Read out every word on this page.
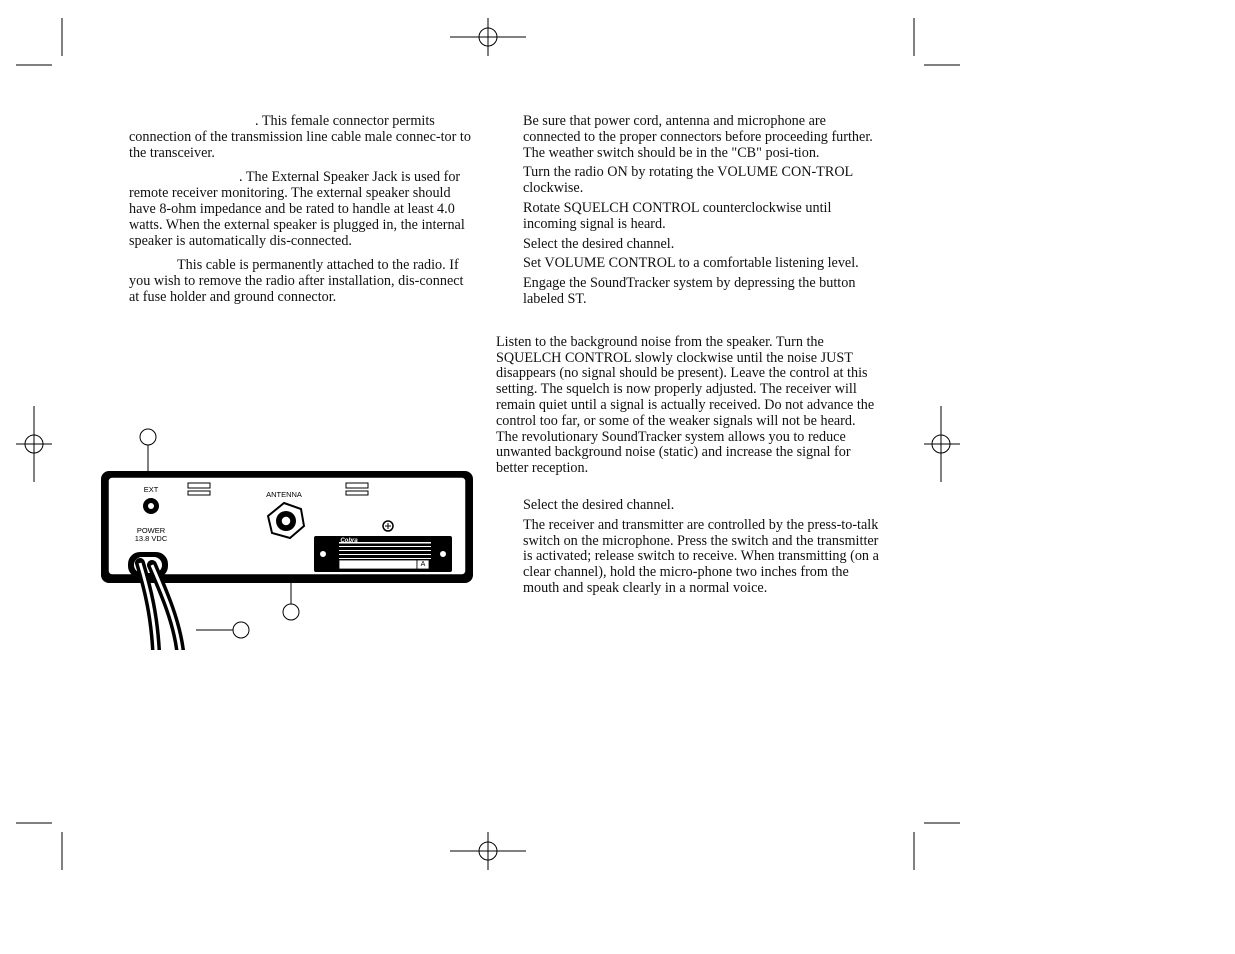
. This female connector permits connection of the transmission line cable male connec-tor to the transceiver.

. The External Speaker Jack is used for remote receiver monitoring. The external speaker should have 8-ohm impedance and be rated to handle at least 4.0 watts. When the external speaker is plugged in, the internal speaker is automatically dis-connected.

This cable is permanently attached to the radio. If you wish to remove the radio after installation, dis-connect at fuse holder and ground connector.

Be sure that power cord, antenna and microphone are connected to the proper connectors before proceeding further. The weather switch should be in the "CB" posi-tion.

Turn the radio ON by rotating the VOLUME CON-TROL clockwise.

Rotate SQUELCH CONTROL counterclockwise until incoming signal is heard.

Select the desired channel.

Set VOLUME CONTROL to a comfortable listening level.

Engage the SoundTracker system by depressing the button labeled ST.

Listen to the background noise from the speaker. Turn the SQUELCH CONTROL slowly clockwise until the noise JUST disappears (no signal should be present). Leave the control at this setting. The squelch is now properly adjusted. The receiver will remain quiet until a signal is actually received. Do not advance the control too far, or some of the weaker signals will not be heard. The revolutionary SoundTracker system allows you to reduce unwanted background noise (static) and increase the signal for better reception.

Select the desired channel.

The receiver and transmitter are controlled by the press-to-talk switch on the microphone. Press the switch and the transmitter is activated; release switch to receive. When transmitting (on a clear channel), hold the micro-phone two inches from the mouth and speak clearly in a normal voice.

EXT
ANTENNA
POWER
13.8 VDC	Cobra
A
